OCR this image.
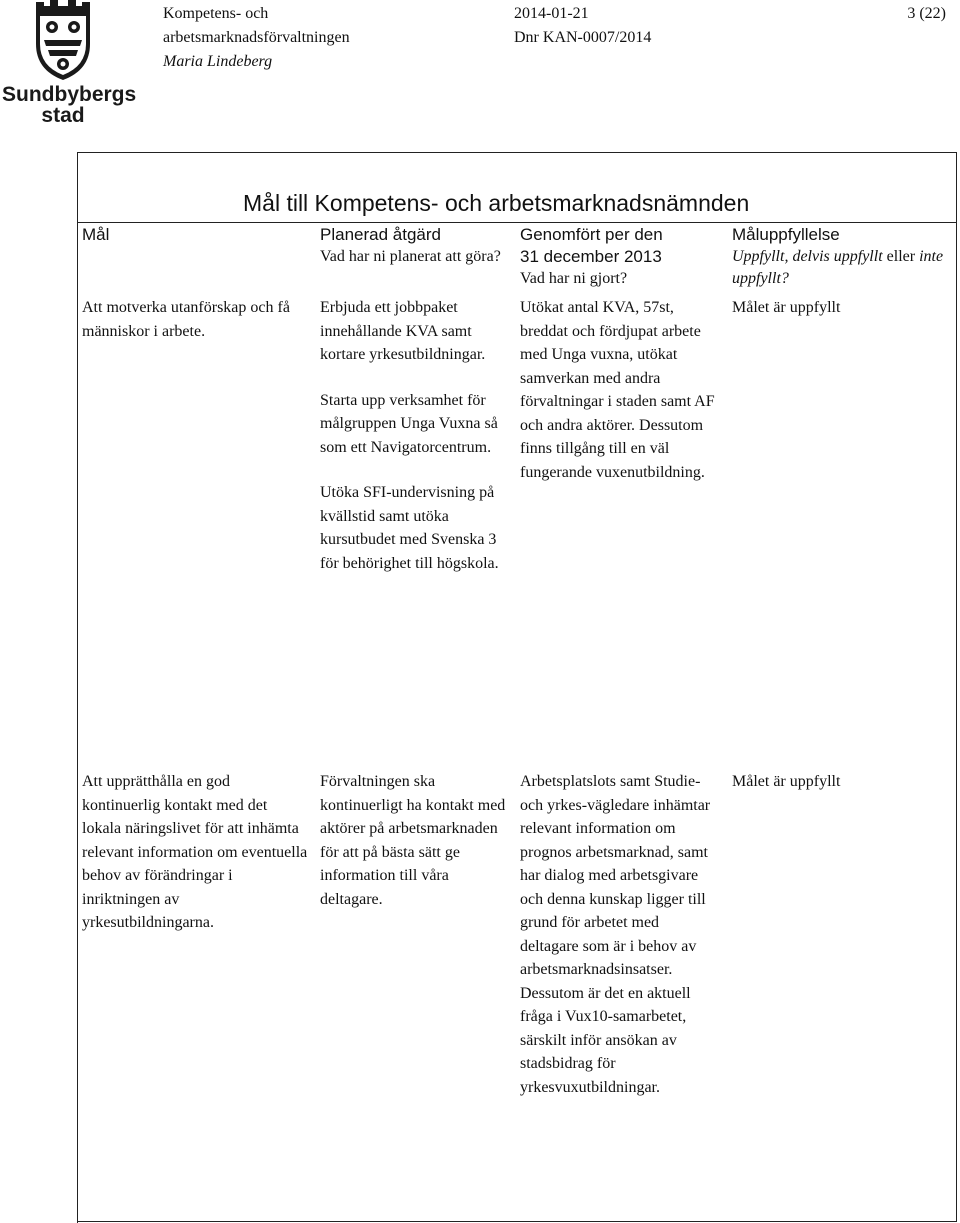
Sundbybergs
stad
Kompetens- och
arbetsmarknadsförvaltningen
Maria Lindeberg
2014-01-21
Dnr KAN-0007/2014
3 (22)
Mål till Kompetens- och arbetsmarknadsnämnden
Mål	Planerad åtgärd
Vad har ni planerat att göra?
Genomfört per den
31 december 2013
Vad har ni gjort?
Måluppfyllelse
Uppfyllt, delvis uppfyllt eller inte uppfyllt?
Att motverka utanförskap och få människor i arbete.

Erbjuda ett jobbpaket innehållande KVA samt kortare yrkesutbildningar.

Starta upp verksamhet för målgruppen Unga Vuxna så som ett Navigatorcentrum.

Utöka SFI-undervisning på kvällstid samt utöka kursutbudet med Svenska 3 för behörighet till högskola.

Utökat antal KVA, 57st, breddat och fördjupat arbete med Unga vuxna, utökat samverkan med andra förvaltningar i staden samt AF och andra aktörer. Dessutom finns tillgång till en väl fungerande vuxenutbildning.
Målet är uppfyllt
Att upprätthålla en god kontinuerlig kontakt med det lokala näringslivet för att inhämta relevant information om eventuella behov av förändringar i inriktningen av yrkesutbildningarna.

Förvaltningen ska kontinuerligt ha kontakt med aktörer på arbetsmarknaden för att på bästa sätt ge information till våra deltagare.

Arbetsplatslots samt Studie- och yrkes-vägledare inhämtar relevant information om prognos arbetsmarknad, samt har dialog med arbetsgivare och denna kunskap ligger till grund för arbetet med deltagare som är i behov av arbetsmarknadsinsatser. Dessutom är det en aktuell fråga i Vux10-samarbetet, särskilt inför ansökan av stadsbidrag för yrkesvuxutbildningar.
Målet är uppfyllt
